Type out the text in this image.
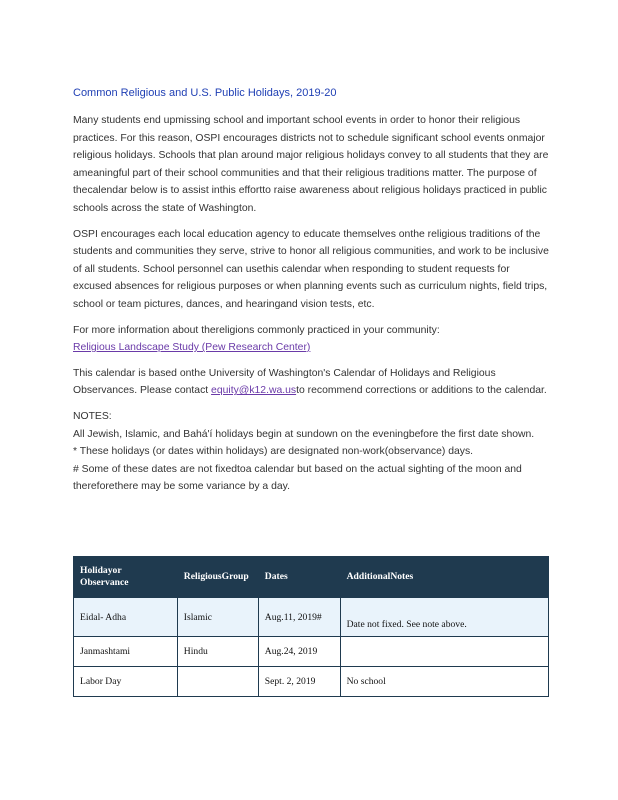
Common Religious and U.S. Public Holidays, 2019-20

Many students end upmissing school and important school events in order to honor their religious practices. For this reason, OSPI encourages districts not to schedule significant school events onmajor religious holidays. Schools that plan around major religious holidays convey to all students that they are ameaningful part of their school communities and that their religious traditions matter. The purpose of thecalendar below is to assist inthis effortto raise awareness about religious holidays practiced in public schools across the state of Washington.

OSPI encourages each local education agency to educate themselves onthe religious traditions of the students and communities they serve, strive to honor all religious communities, and work to be inclusive of all students. School personnel can usethis calendar when responding to student requests for excused absences for religious purposes or when planning events such as curriculum nights, field trips, school or team pictures, dances, and hearingand vision tests, etc.

For more information about thereligions commonly practiced in your community:
Religious Landscape Study (Pew Research Center)

This calendar is based onthe University of Washington's Calendar of Holidays and Religious Observances. Please contact equity@k12.wa.usto recommend corrections or additions to the calendar.

NOTES:

All Jewish, Islamic, and Bahá'í holidays begin at sundown on the eveningbefore the first date shown.

* These holidays (or dates within holidays) are designated non-work(observance) days.

# Some of these dates are not fixedtoa calendar but based on the actual sighting of the moon and thereforethere may be some variance by a day.

Holidayor Observance	ReligiousGroup	Dates	AdditionalNotes
Eidal- Adha	Islamic	Aug.11, 2019#	Date not fixed. See note above.
Janmashtami	Hindu	Aug.24, 2019	
Labor Day		Sept. 2, 2019	No school
